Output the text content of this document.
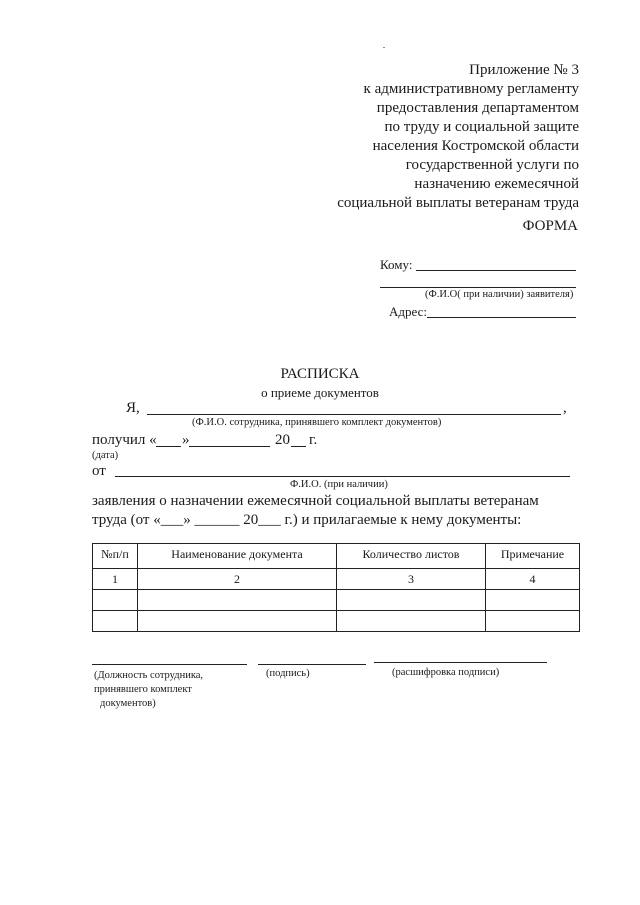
Приложение № 3
к административному регламенту
предоставления департаментом
по труду и социальной защите
населения Костромской области
государственной услуги по
назначению ежемесячной
социальной выплаты ветеранам труда
ФОРМА
Кому:
(Ф.И.О( при наличии) заявителя)
Адрес:
РАСПИСКА
о приеме документов
Я,	,
(Ф.И.О. сотрудника, принявшего комплект документов)
получил « »	20 г.
(дата)
от
Ф.И.О. (при наличии)
заявления о назначении ежемесячной социальной выплаты ветеранам
труда (от «___» ______ 20___ г.) и прилагаемые к нему документы:
№п/п	Наименование документа	Количество листов	Примечание
1	2	3	4

(Должность сотрудника,
принявшего комплект
документов)
(подпись)	(расшифровка подписи)
